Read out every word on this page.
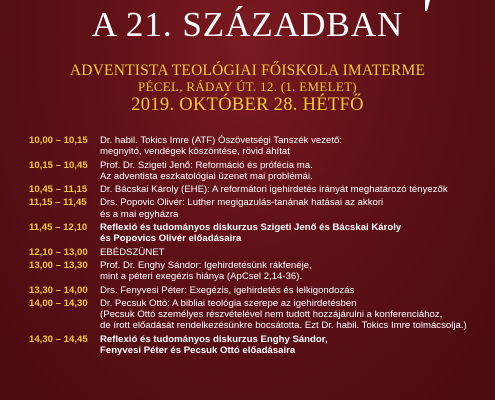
A 21. SZÁZADBAN
ADVENTISTA TEOLÓGIAI FŐISKOLA IMATERME
PÉCEL, RÁDAY ÚT. 12. (1. EMELET)
2019. OKTÓBER 28. HÉTFŐ
10,00 – 10,15	Dr. habil. Tokics Imre (ATF) Ószövetségi Tanszék vezető:
megnyitó, vendégek köszöntése, rövid áhítat
10,15 – 10,45	Prof. Dr. Szigeti Jenő: Reformáció és prófécia ma.
Az adventista eszkatológiai üzenet mai problémái.
10,45 – 11,15	Dr. Bácskai Károly (EHE): A reformátori igehirdetés irányát meghatározó tényezők
11,15 – 11,45	Drs. Popovic Olivér: Luther megigazulás-tanának hatásai az akkori
és a mai egyházra
11,45 – 12,10	Reflexió és tudományos diskurzus Szigeti Jenő és Bácskai Károly
és Popovics Olivér előadásaira
12,10 – 13,00	EBÉDSZÜNET
13,00 – 13,30	Prof. Dr. Enghy Sándor: Igehirdetésünk rákfenéje,
mint a péteri exegézis hiánya (ApCsel 2,14-36).
13,30 – 14,00	Drs. Fenyvesi Péter: Exegézis, igehirdetés és lelkigondozás
14,00 – 14,30	Dr. Pecsuk Ottó: A bibliai teológia szerepe az igehirdetésben
(Pecsuk Ottó személyes részvételével nem tudott hozzájárulni a konferenciához,
de írott előadását rendelkezésünkre bocsátotta. Ezt Dr. habil. Tokics Imre tolmácsolja.)
14,30 – 14,45	Reflexió és tudományos diskurzus Enghy Sándor,
Fenyvesi Péter és Pecsuk Ottó előadásaira
